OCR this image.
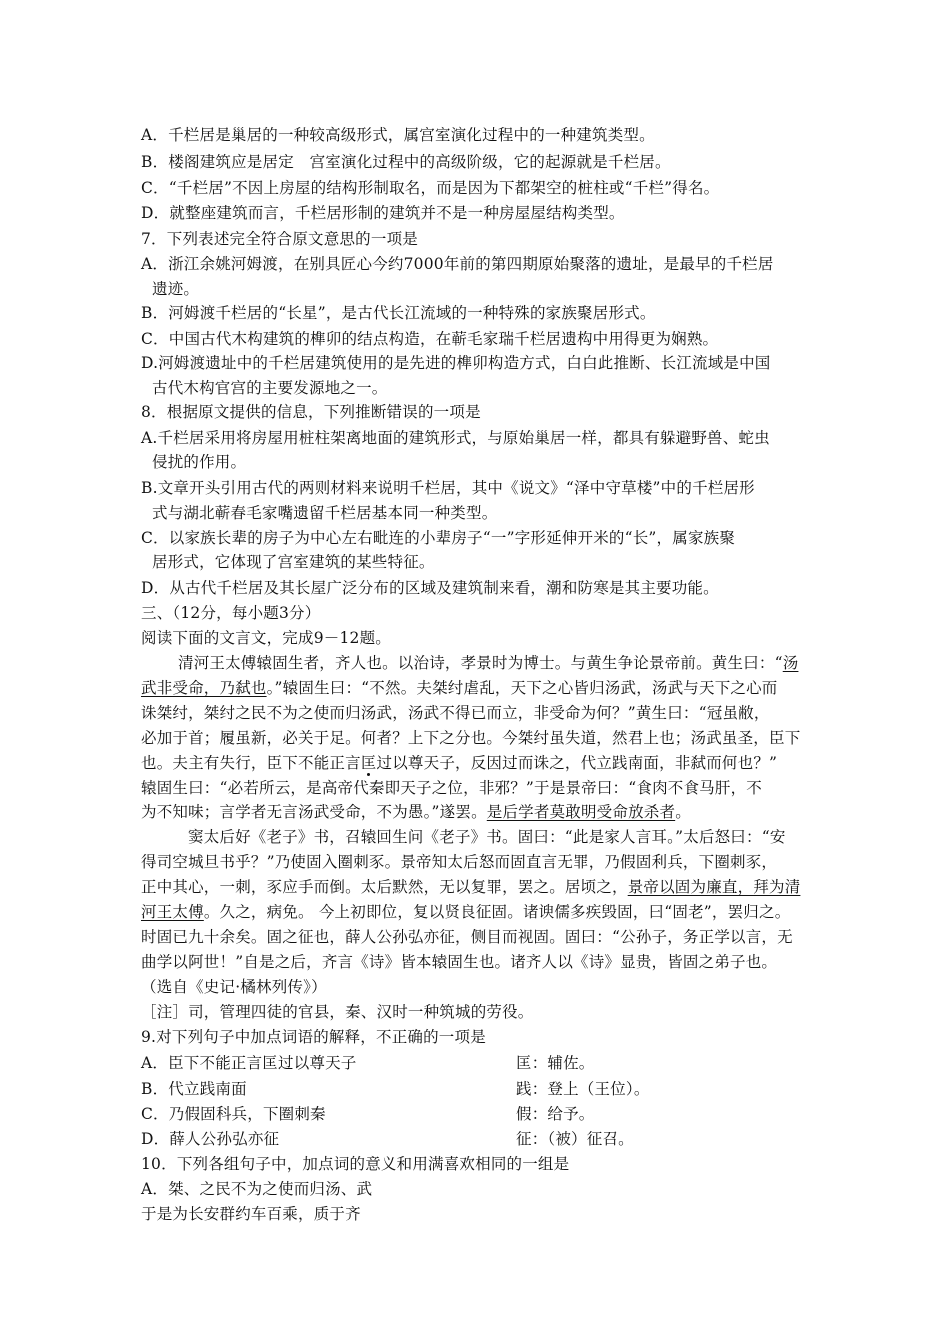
A．千栏居是巢居的一种较高级形式，属宫室演化过程中的一种建筑类型。
B．楼阁建筑应是居定　宫室演化过程中的高级阶级，它的起源就是千栏居。
C．“千栏居”不因上房屋的结构形制取名，而是因为下都架空的桩柱或“千栏”得名。
D．就整座建筑而言，千栏居形制的建筑并不是一种房屋屋结构类型。
7．下列表述完全符合原文意思的一项是
A．浙江余姚河姆渡，在别具匠心今约7000年前的第四期原始聚落的遗址，是最早的千栏居
遗迹。
B．河姆渡千栏居的“长星”，是古代长江流域的一种特殊的家族聚居形式。
C．中国古代木构建筑的榫卯的结点构造，在蕲毛家瑞千栏居遗构中用得更为娴熟。
D.河姆渡遗址中的千栏居建筑使用的是先进的榫卯构造方式，白白此推断、长江流域是中国
古代木构官宫的主要发源地之一。
8．根据原文提供的信息，下列推断错误的一项是
A.千栏居采用将房屋用桩柱架离地面的建筑形式，与原始巢居一样，都具有躲避野兽、蛇虫
侵扰的作用。
B.文章开头引用古代的两则材料来说明千栏居，其中《说文》“泽中守草楼”中的千栏居形
式与湖北蕲春毛家嘴遗留千栏居基本同一种类型。
C．以家族长辈的房子为中心左右毗连的小辈房子“一”字形延伸开米的“长”，属家族聚
居形式，它体现了宫室建筑的某些特征。
D．从古代千栏居及其长屋广泛分布的区域及建筑制来看，潮和防寒是其主要功能。
三、（12分，每小题3分）
阅读下面的文言文，完成9－12题。
清河王太傅辕固生者，齐人也。以治诗，孝景时为博士。与黄生争论景帝前。黄生曰：“汤
武非受命，乃弑也。”辕固生曰：“不然。夫桀纣虐乱，天下之心皆归汤武，汤武与天下之心而
诛桀纣，桀纣之民不为之使而归汤武，汤武不得已而立，非受命为何？”黄生曰：“冠虽敝，
必加于首；履虽新，必关于足。何者？上下之分也。今桀纣虽失道，然君上也；汤武虽圣，臣下
也。夫主有失行，臣下不能正言匡过以尊天子，反因过而诛之，代立践南面，非弑而何也？”
辕固生曰：“必若所云，是高帝代秦即天子之位，非邪？”于是景帝曰：“食肉不食马肝，不
为不知味；言学者无言汤武受命，不为愚。”遂罢。是后学者莫敢明受命放杀者。
窦太后好《老子》书，召辕回生问《老子》书。固曰：“此是家人言耳。”太后怒曰：“安
得司空城旦书乎？”乃使固入圈刺豕。景帝知太后怒而固直言无罪，乃假固利兵，下圈刺豕，
正中其心，一刺，豕应手而倒。太后默然，无以复罪，罢之。居顷之，景帝以固为廉直，拜为清
河王太傅。久之，病免。 今上初即位，复以贤良征固。诸谀儒多疾毁固，曰“固老”，罢归之。
时固已九十余矣。固之征也，薛人公孙弘亦征，侧目而视固。固曰：“公孙子，务正学以言，无
曲学以阿世！”自是之后，齐言《诗》皆本辕固生也。诸齐人以《诗》显贵，皆固之弟子也。
（选自《史记·橘林列传》）
［注］司，管理四徒的官县，秦、汉时一种筑城的劳役。
9.对下列句子中加点词语的解释，不正确的一项是
A．臣下不能正言匡过以尊天子	匡：辅佐。
B．代立践南面	践：登上（王位）。
C．乃假固科兵，下圈刺秦	假：给予。
D．薛人公孙弘亦征	征：（被）征召。
10．下列各组句子中，加点词的意义和用满喜欢相同的一组是
A．桀、之民不为之使而归汤、武
于是为长安群约车百乘，质于齐
